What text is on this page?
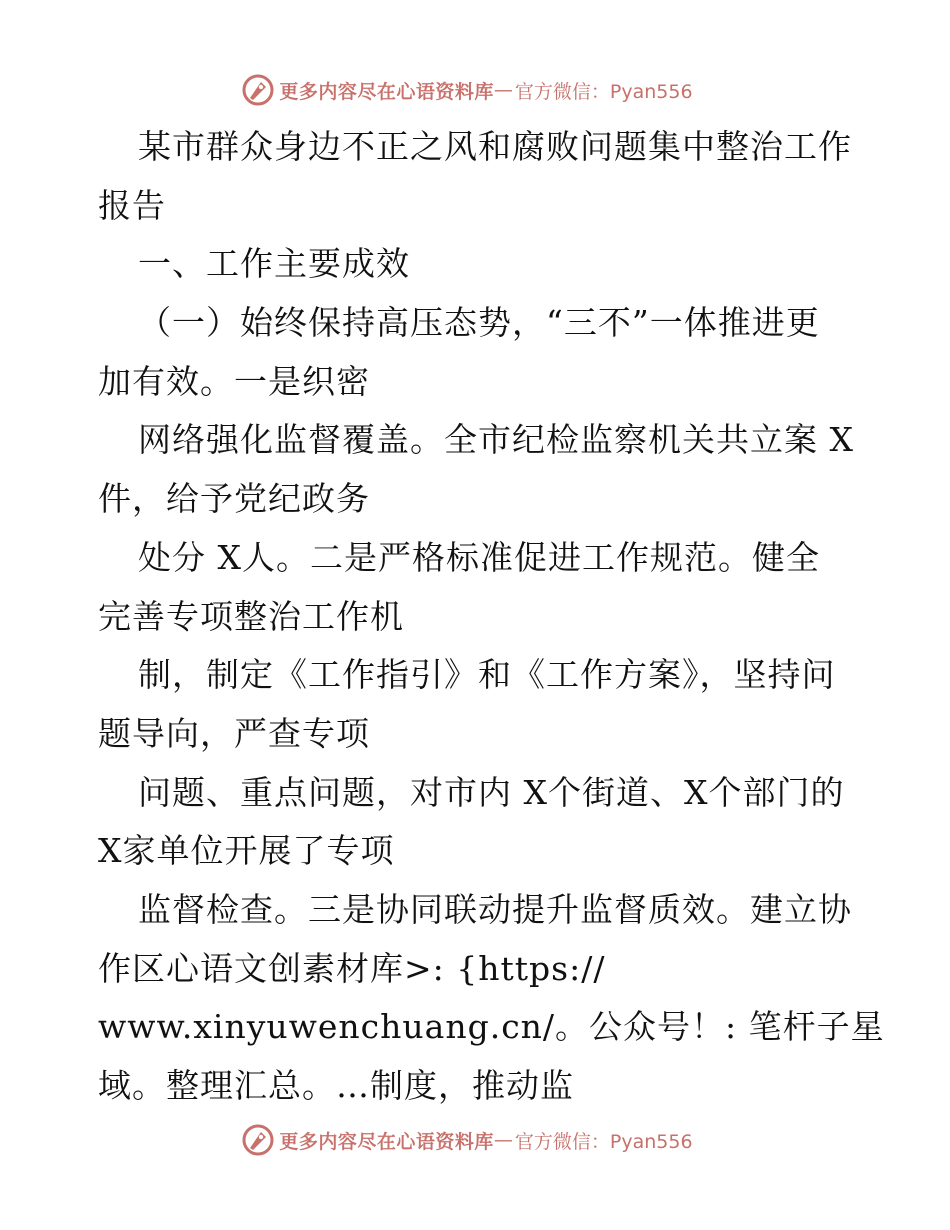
更多内容尽在心语资料库 — 官方微信：Pyan556
某市群众身边不正之风和腐败问题集中整治工作
报告
一、工作主要成效
（一）始终保持高压态势，“三不”一体推进更
加有效。一是织密
网络强化监督覆盖。全市纪检监察机关共立案 X
件，给予党纪政务
处分 X人。二是严格标准促进工作规范。健全
完善专项整治工作机
制，制定《工作指引》和《工作方案》，坚持问
题导向，严查专项
问题、重点问题，对市内 X个街道、X个部门的
X家单位开展了专项
监督检查。三是协同联动提升监督质效。建立协
作区心语文创素材库>: {https://
www.xinyuwenchuang.cn/。公众号！: 笔杆子星
域。整理汇总。…制度，推动监
更多内容尽在心语资料库 — 官方微信：Pyan556
